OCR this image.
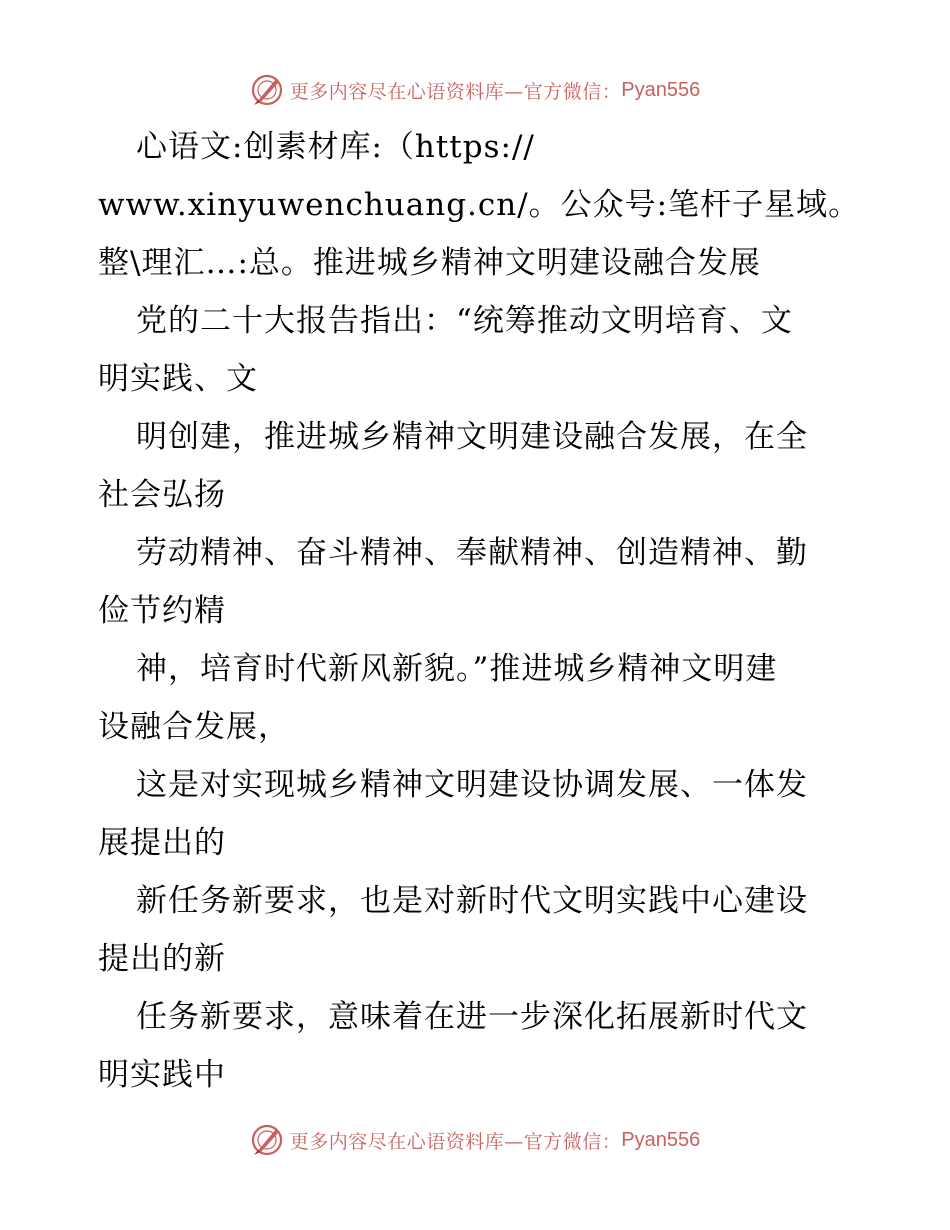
更多内容尽在心语资料库—官方微信： Pyan556
心语文:创素材库:（https://
www.xinyuwenchuang.cn/。公众号:笔杆子星域。
整\理汇…:总。推进城乡精神文明建设融合发展
党的二十大报告指出：“统筹推动文明培育、文
明实践、文
明创建，推进城乡精神文明建设融合发展，在全
社会弘扬
劳动精神、奋斗精神、奉献精神、创造精神、勤
俭节约精
神，培育时代新风新貌。”推进城乡精神文明建
设融合发展，
这是对实现城乡精神文明建设协调发展、一体发
展提出的
新任务新要求，也是对新时代文明实践中心建设
提出的新
任务新要求，意味着在进一步深化拓展新时代文
明实践中
更多内容尽在心语资料库—官方微信： Pyan556
